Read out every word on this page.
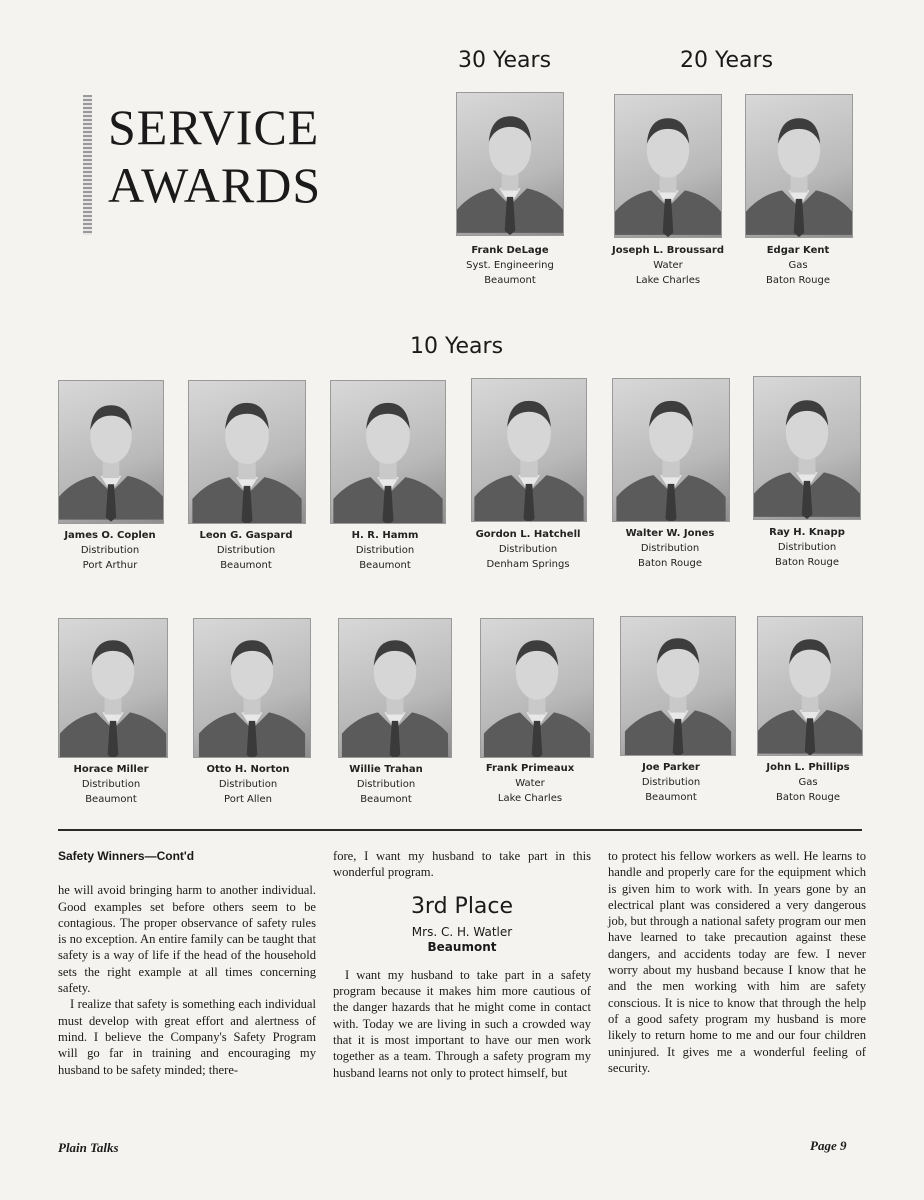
SERVICE
AWARDS
30 Years	20 Years
10 Years
Frank DeLage
Syst. Engineering
Beaumont
Joseph L. Broussard
Water
Lake Charles
Edgar Kent
Gas
Baton Rouge
James O. Coplen
Distribution
Port Arthur
Leon G. Gaspard
Distribution
Beaumont
H. R. Hamm
Distribution
Beaumont
Gordon L. Hatchell
Distribution
Denham Springs
Walter W. Jones
Distribution
Baton Rouge
Ray H. Knapp
Distribution
Baton Rouge
Horace Miller
Distribution
Beaumont
Otto H. Norton
Distribution
Port Allen
Willie Trahan
Distribution
Beaumont
Frank Primeaux
Water
Lake Charles
Joe Parker
Distribution
Beaumont
John L. Phillips
Gas
Baton Rouge

Safety Winners—Cont'd

he will avoid bringing harm to another individual. Good examples set before others seem to be contagious. The proper observance of safety rules is no exception. An entire family can be taught that safety is a way of life if the head of the household sets the right example at all times concerning safety.

I realize that safety is something each individual must develop with great effort and alertness of mind. I believe the Company's Safety Program will go far in training and encouraging my husband to be safety minded; there-

fore, I want my husband to take part in this wonderful program.

3rd Place
Mrs. C. H. Watler
Beaumont

I want my husband to take part in a safety program because it makes him more cautious of the danger hazards that he might come in contact with. Today we are living in such a crowded way that it is most important to have our men work together as a team. Through a safety program my husband learns not only to protect himself, but

to protect his fellow workers as well. He learns to handle and properly care for the equipment which is given him to work with. In years gone by an electrical plant was considered a very dangerous job, but through a national safety program our men have learned to take precaution against these dangers, and accidents today are few. I never worry about my husband because I know that he and the men working with him are safety conscious. It is nice to know that through the help of a good safety program my husband is more likely to return home to me and our four children uninjured. It gives me a wonderful feeling of security.

Plain Talks	Page 9
